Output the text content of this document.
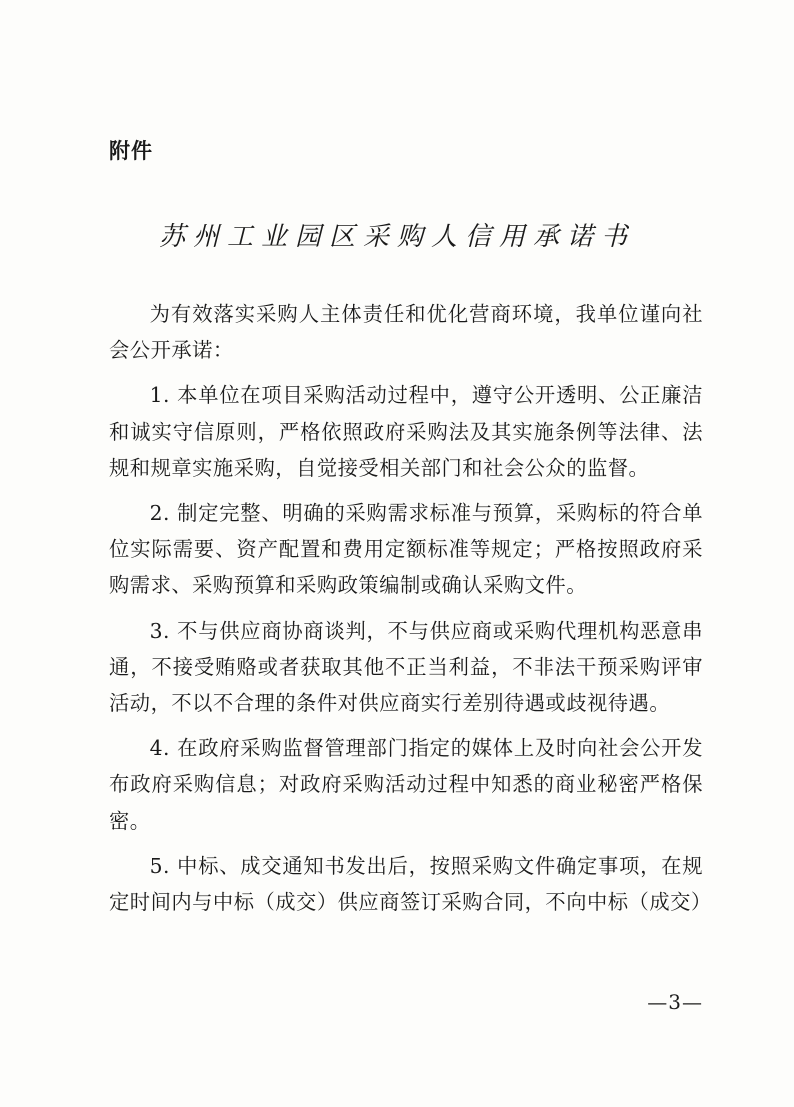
附件
苏州工业园区采购人信用承诺书

为有效落实采购人主体责任和优化营商环境，我单位谨向社会公开承诺：

1. 本单位在项目采购活动过程中，遵守公开透明、公正廉洁和诚实守信原则，严格依照政府采购法及其实施条例等法律、法规和规章实施采购，自觉接受相关部门和社会公众的监督。

2. 制定完整、明确的采购需求标准与预算，采购标的符合单位实际需要、资产配置和费用定额标准等规定；严格按照政府采购需求、采购预算和采购政策编制或确认采购文件。

3. 不与供应商协商谈判，不与供应商或采购代理机构恶意串通，不接受贿赂或者获取其他不正当利益，不非法干预采购评审活动，不以不合理的条件对供应商实行差别待遇或歧视待遇。

4. 在政府采购监督管理部门指定的媒体上及时向社会公开发布政府采购信息；对政府采购活动过程中知悉的商业秘密严格保密。

5. 中标、成交通知书发出后，按照采购文件确定事项，在规定时间内与中标（成交）供应商签订采购合同，不向中标（成交）

—3—
